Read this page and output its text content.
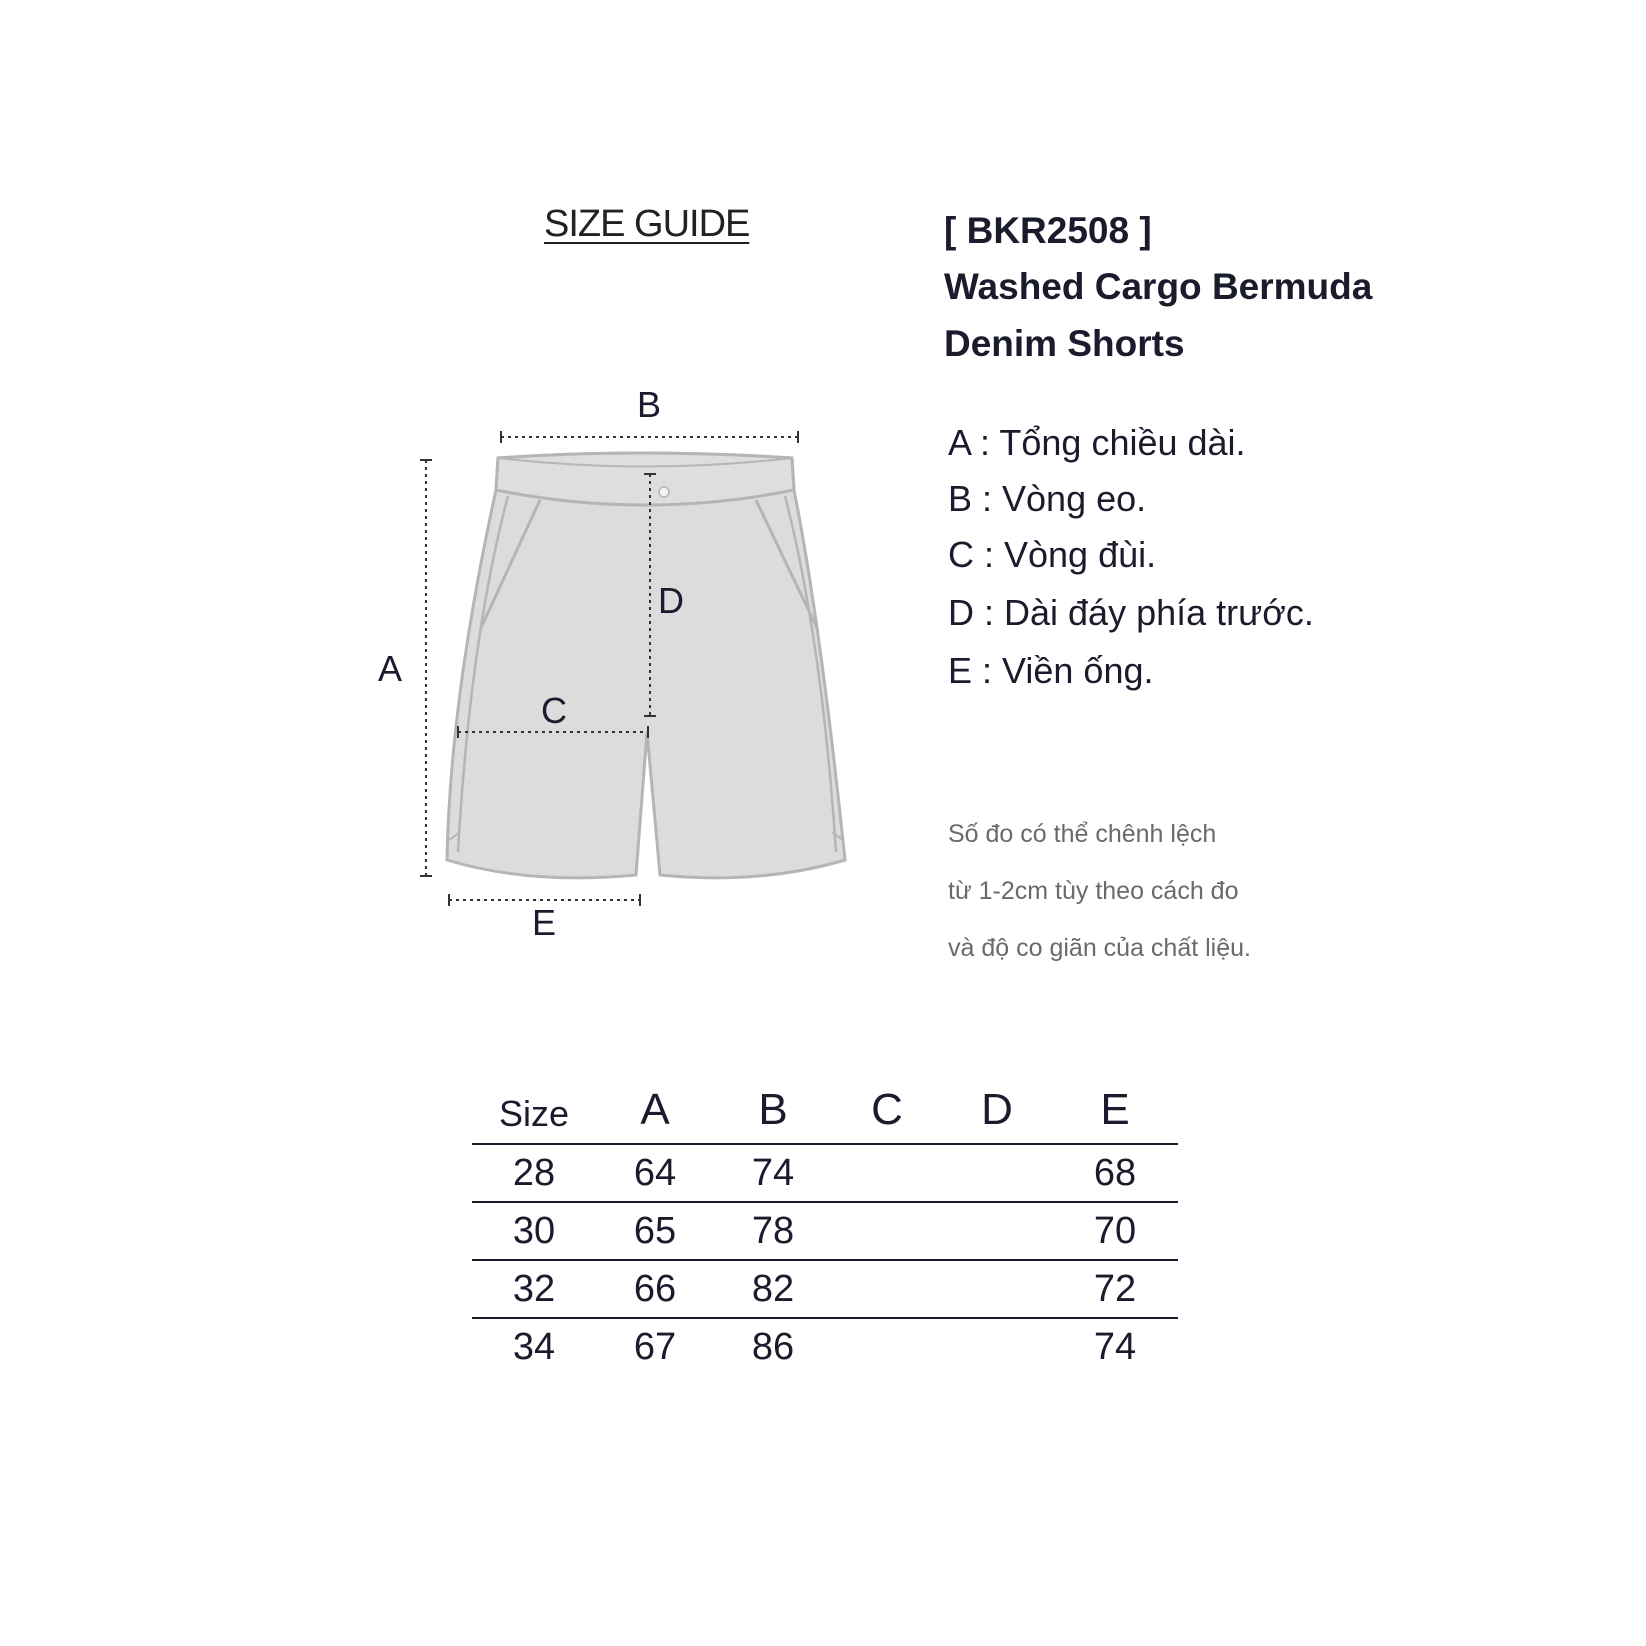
SIZE GUIDE	[ BKR2508 ]
Washed Cargo Bermuda
Denim Shorts
A : Tổng chiều dài.
B : Vòng eo.
C : Vòng đùi.
D : Dài đáy phía trước.
E : Viền ống.
Số đo có thể chênh lệch
từ 1-2cm tùy theo cách đo
và độ co giãn của chất liệu.
A
B
C
D
E
Size	A	B	C	D	E
28	64	74			68
30	65	78			70
32	66	82			72
34	67	86			74
